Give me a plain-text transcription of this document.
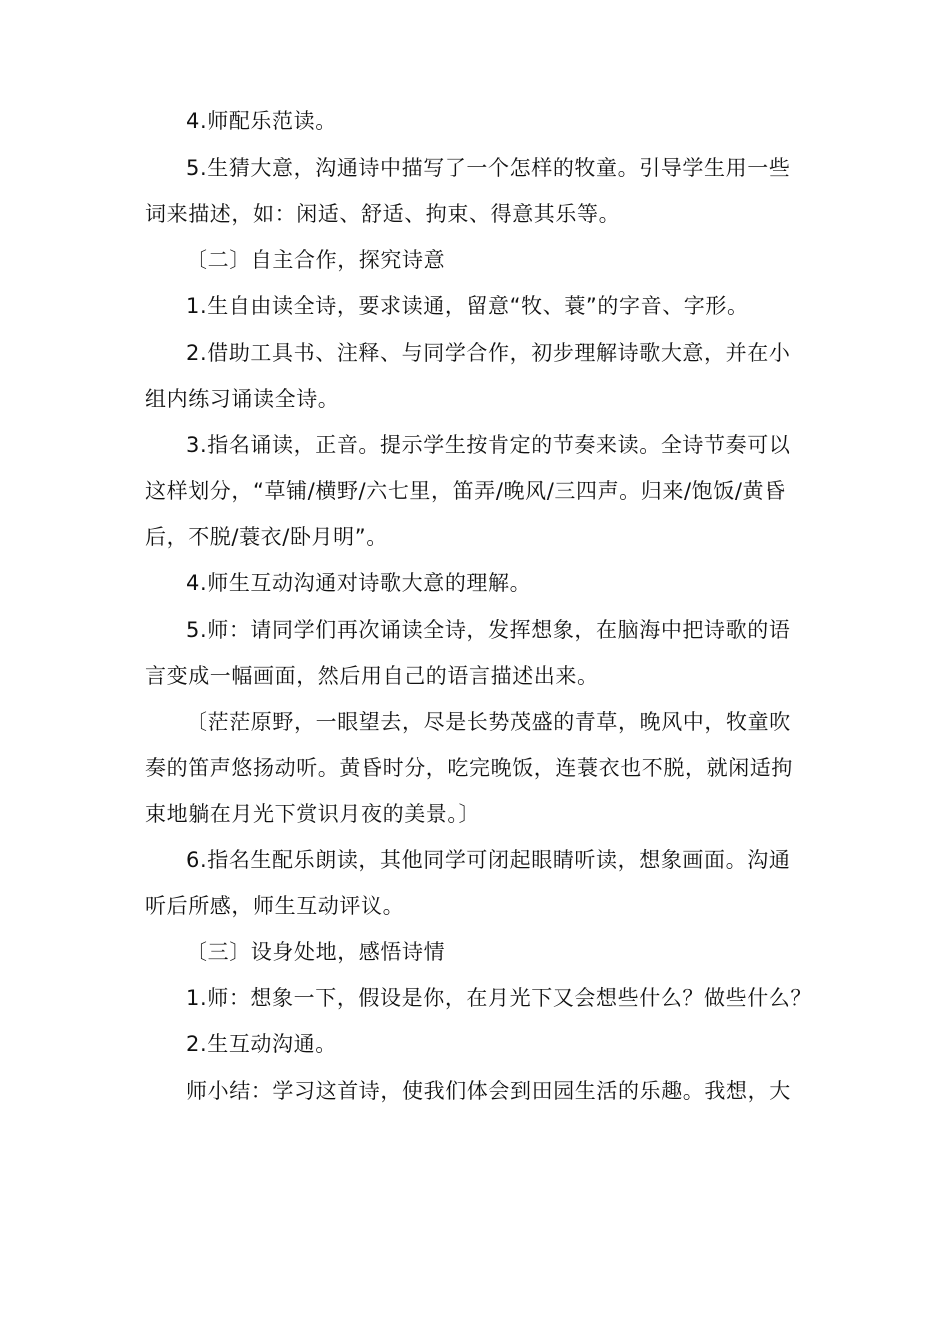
4.师配乐范读。
5.生猜大意，沟通诗中描写了一个怎样的牧童。引导学生用一些
词来描述，如：闲适、舒适、拘束、得意其乐等。
〔二〕自主合作，探究诗意
1.生自由读全诗，要求读通，留意“牧、蓑”的字音、字形。
2.借助工具书、注释、与同学合作，初步理解诗歌大意，并在小
组内练习诵读全诗。
3.指名诵读，正音。提示学生按肯定的节奏来读。全诗节奏可以
这样划分，“草铺/横野/六七里，笛弄/晚风/三四声。归来/饱饭/黄昏
后，不脱/蓑衣/卧月明”。
4.师生互动沟通对诗歌大意的理解。
5.师：请同学们再次诵读全诗，发挥想象，在脑海中把诗歌的语
言变成一幅画面，然后用自己的语言描述出来。
〔茫茫原野，一眼望去，尽是长势茂盛的青草，晚风中，牧童吹
奏的笛声悠扬动听。黄昏时分，吃完晚饭，连蓑衣也不脱，就闲适拘
束地躺在月光下赏识月夜的美景。〕
6.指名生配乐朗读，其他同学可闭起眼睛听读，想象画面。沟通
听后所感，师生互动评议。
〔三〕设身处地，感悟诗情
1.师：想象一下，假设是你，在月光下又会想些什么？做些什么？
2.生互动沟通。
师小结：学习这首诗，使我们体会到田园生活的乐趣。我想，大
